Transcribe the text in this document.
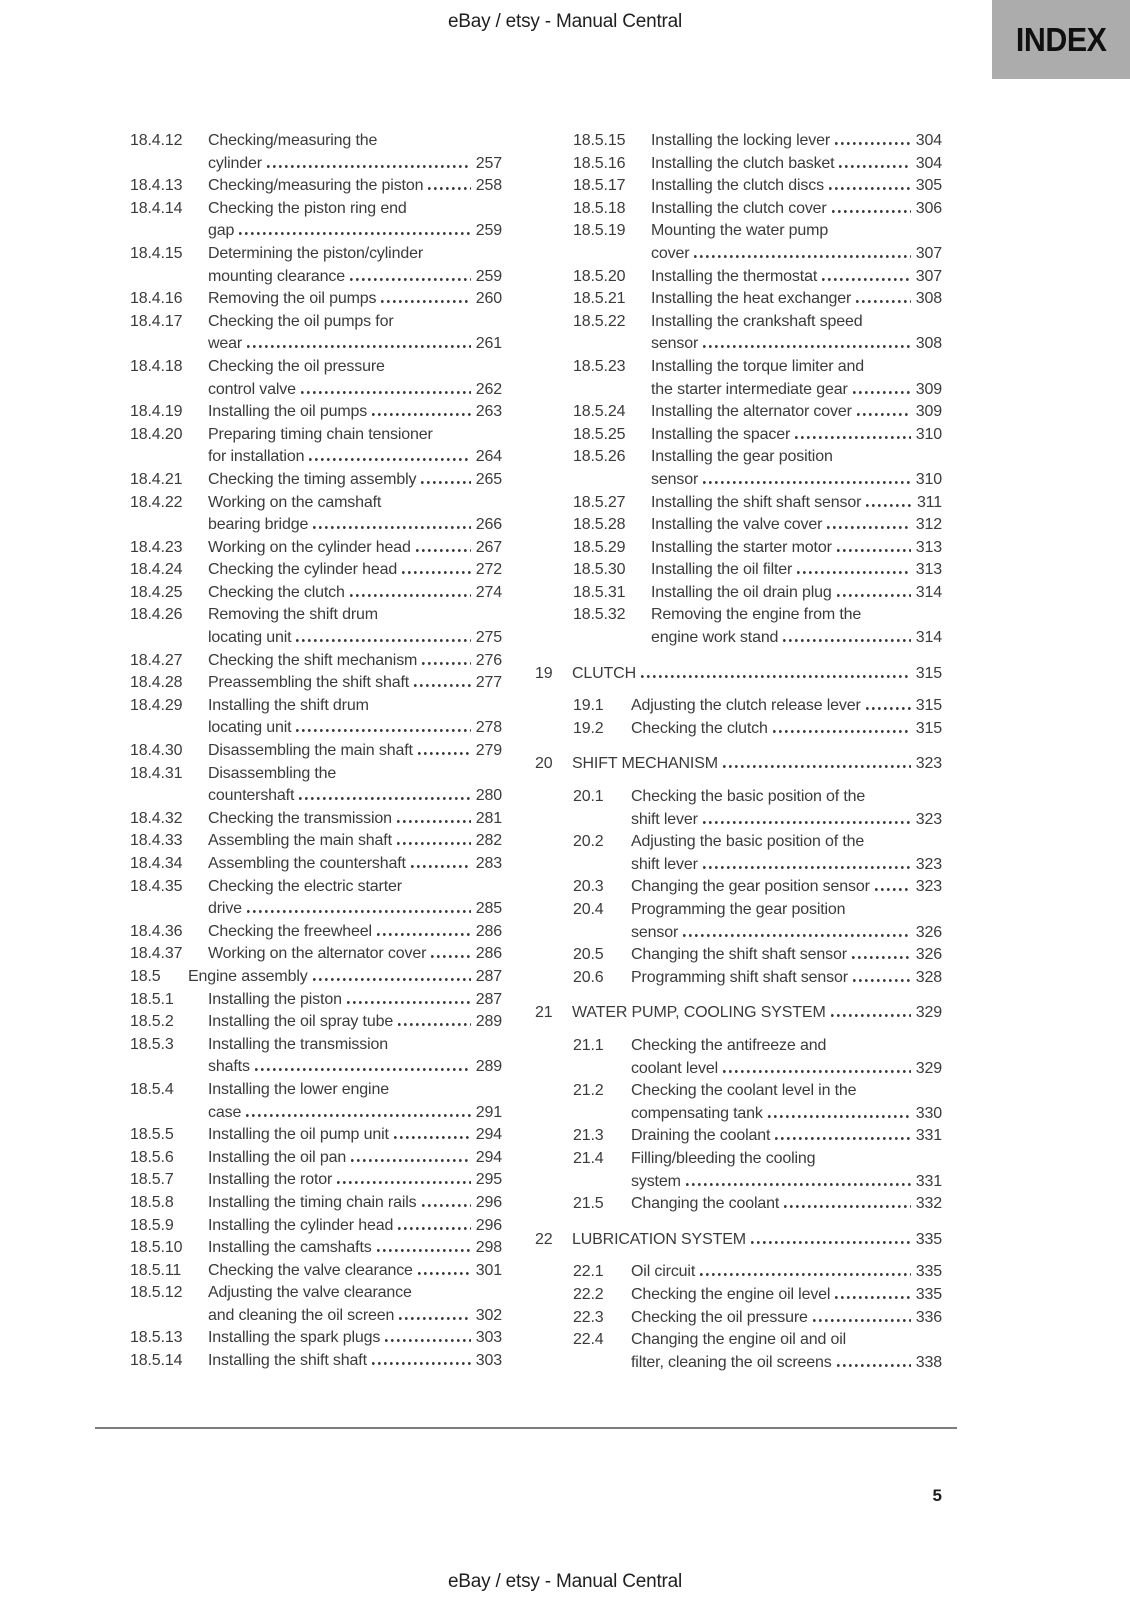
eBay / etsy - Manual Central	INDEX
18.4.12	Checking/measuring the
cylinder	257
18.4.13	Checking/measuring the piston	258
18.4.14	Checking the piston ring end
gap	259
18.4.15	Determining the piston/cylinder
mounting clearance	259
18.4.16	Removing the oil pumps	260
18.4.17	Checking the oil pumps for
wear	261
18.4.18	Checking the oil pressure
control valve	262
18.4.19	Installing the oil pumps	263
18.4.20	Preparing timing chain tensioner
for installation	264
18.4.21	Checking the timing assembly	265
18.4.22	Working on the camshaft
bearing bridge	266
18.4.23	Working on the cylinder head	267
18.4.24	Checking the cylinder head	272
18.4.25	Checking the clutch	274
18.4.26	Removing the shift drum
locating unit	275
18.4.27	Checking the shift mechanism	276
18.4.28	Preassembling the shift shaft	277
18.4.29	Installing the shift drum
locating unit	278
18.4.30	Disassembling the main shaft	279
18.4.31	Disassembling the
countershaft	280
18.4.32	Checking the transmission	281
18.4.33	Assembling the main shaft	282
18.4.34	Assembling the countershaft	283
18.4.35	Checking the electric starter
drive	285
18.4.36	Checking the freewheel	286
18.4.37	Working on the alternator cover	286
18.5	Engine assembly	287
18.5.1	Installing the piston	287
18.5.2	Installing the oil spray tube	289
18.5.3	Installing the transmission
shafts	289
18.5.4	Installing the lower engine
case	291
18.5.5	Installing the oil pump unit	294
18.5.6	Installing the oil pan	294
18.5.7	Installing the rotor	295
18.5.8	Installing the timing chain rails	296
18.5.9	Installing the cylinder head	296
18.5.10	Installing the camshafts	298
18.5.11	Checking the valve clearance	301
18.5.12	Adjusting the valve clearance
and cleaning the oil screen	302
18.5.13	Installing the spark plugs	303
18.5.14	Installing the shift shaft	303
18.5.15	Installing the locking lever	304
18.5.16	Installing the clutch basket	304
18.5.17	Installing the clutch discs	305
18.5.18	Installing the clutch cover	306
18.5.19	Mounting the water pump
cover	307
18.5.20	Installing the thermostat	307
18.5.21	Installing the heat exchanger	308
18.5.22	Installing the crankshaft speed
sensor	308
18.5.23	Installing the torque limiter and
the starter intermediate gear	309
18.5.24	Installing the alternator cover	309
18.5.25	Installing the spacer	310
18.5.26	Installing the gear position
sensor	310
18.5.27	Installing the shift shaft sensor	311
18.5.28	Installing the valve cover	312
18.5.29	Installing the starter motor	313
18.5.30	Installing the oil filter	313
18.5.31	Installing the oil drain plug	314
18.5.32	Removing the engine from the
engine work stand	314
19	CLUTCH	315
19.1	Adjusting the clutch release lever	315
19.2	Checking the clutch	315
20	SHIFT MECHANISM	323
20.1	Checking the basic position of the
shift lever	323
20.2	Adjusting the basic position of the
shift lever	323
20.3	Changing the gear position sensor	323
20.4	Programming the gear position
sensor	326
20.5	Changing the shift shaft sensor	326
20.6	Programming shift shaft sensor	328
21	WATER PUMP, COOLING SYSTEM	329
21.1	Checking the antifreeze and
coolant level	329
21.2	Checking the coolant level in the
compensating tank	330
21.3	Draining the coolant	331
21.4	Filling/bleeding the cooling
system	331
21.5	Changing the coolant	332
22	LUBRICATION SYSTEM	335
22.1	Oil circuit	335
22.2	Checking the engine oil level	335
22.3	Checking the oil pressure	336
22.4	Changing the engine oil and oil
filter, cleaning the oil screens	338
5
eBay / etsy - Manual Central
